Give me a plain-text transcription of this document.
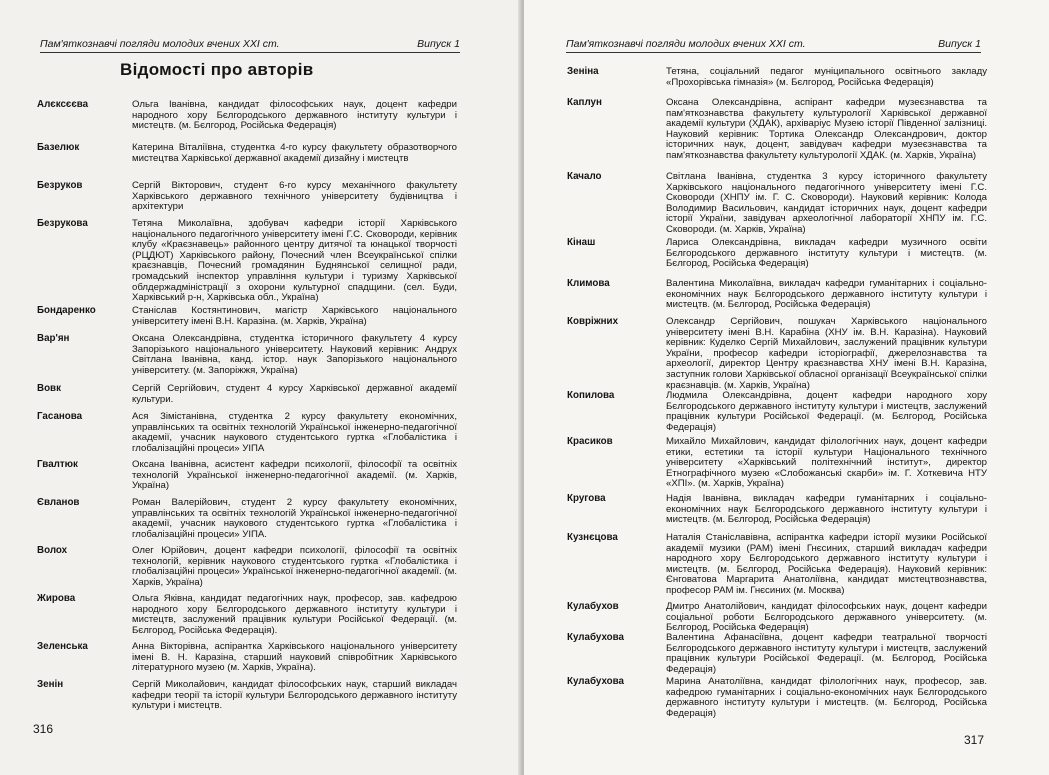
Пам'яткознавчі погляди молодих вчених XXI ст.	Випуск 1
Відомості про авторів
Алєксєєва	Ольга Іванівна, кандидат філософських наук, доцент кафедри народного хору Бєлгородського державного інституту культури і мистецтв. (м. Бєлгород, Російська Федерація)
Базелюк	Катерина Віталіївна, студентка 4-го курсу факультету образотворчого мистецтва Харківської державної академії дизайну і мистецтв
Безруков	Сергій Вікторович, студент 6-го курсу механічного факультету Харківського державного технічного університету будівництва і архітектури
Безрукова	Тетяна Миколаївна, здобувач кафедри історії Харківського національного педагогічного університету імені Г.С. Сковороди, керівник клубу «Краєзнавець» районного центру дитячої та юнацької творчості (РЦДЮТ) Харківського району, Почесний член Всеукраїнської спілки краєзнавців, Почесний громадянин Буднянської селищної ради, громадський інспектор управління культури і туризму Харківської облдержадміністрації з охорони культурної спадщини. (сел. Буди, Харківський р-н, Харківська обл., Україна)
Бондаренко	Станіслав Костянтинович, магістр Харківського національного університету імені В.Н. Каразіна. (м. Харків, Україна)
Вар'ян	Оксана Олександрівна, студентка історичного факультету 4 курсу Запорізького національного університету. Науковий керівник: Андрух Світлана Іванівна, канд. істор. наук Запорізького національного університету. (м. Запоріжжя, Україна)
Вовк	Сергій Сергійович, студент 4 курсу Харківської державної академії культури.
Гасанова	Ася Зімістанівна, студентка 2 курсу факультету економічних, управлінських та освітніх технологій Української інженерно-педагогічної академії, учасник наукового студентського гуртка «Глобалістика і глобалізаційні процеси» УІПА
Гвалтюк	Оксана Іванівна, асистент кафедри психології, філософії та освітніх технологій Української інженерно-педагогічної академії. (м. Харків, Україна)
Євланов	Роман Валерійович, студент 2 курсу факультету економічних, управлінських та освітніх технологій Української інженерно-педагогічної академії, учасник наукового студентського гуртка «Глобалістика і глобалізаційні процеси» УІПА.
Волох	Олег Юрійович, доцент кафедри психології, філософії та освітніх технологій, керівник наукового студентського гуртка «Глобалістика і глобалізаційні процеси» Української інженерно-педагогічної академії. (м. Харків, Україна)
Жирова	Ольга Яківна, кандидат педагогічних наук, професор, зав. кафедрою народного хору Бєлгородського державного інституту культури і мистецтв, заслужений працівник культури Російської Федерації. (м. Бєлгород, Російська Федерація).
Зеленська	Анна Вікторівна, аспірантка Харківського національного університету імені В. Н. Каразіна, старший науковий співробітник Харківського літературного музею (м. Харків, Україна).
Зенін	Сергій Миколайович, кандидат філософських наук, старший викладач кафедри теорії та історії культури Бєлгородського державного інституту культури і мистецтв.
316
Пам'яткознавчі погляди молодих вчених XXI ст.	Випуск 1
Зеніна	Тетяна, соціальний педагог муніципального освітнього закладу «Прохорівська гімназія» (м. Бєлгород, Російська Федерація)
Каплун	Оксана Олександрівна, аспірант кафедри музеєзнавства та пам'яткознавства факультету культурології Харківської державної академії культури (ХДАК), архіваріус Музею історії Південної залізниці. Науковий керівник: Тортика Олександр Олександрович, доктор історичних наук, доцент, завідувач кафедри музеєзнавства та пам'яткознавства факультету культурології ХДАК. (м. Харків, Україна)
Качало	Світлана Іванівна, студентка 3 курсу історичного факультету Харківського національного педагогічного університету імені Г.С. Сковороди (ХНПУ ім. Г. С. Сковороди). Науковий керівник: Колода Володимир Васильович, кандидат історичних наук, доцент кафедри історії України, завідувач археологічної лабораторії ХНПУ ім. Г.С. Сковороди. (м. Харків, Україна)
Кінаш	Лариса Олександрівна, викладач кафедри музичного освіти Бєлгородського державного інституту культури і мистецтв. (м. Бєлгород, Російська Федерація)
Климова	Валентина Миколаївна, викладач кафедри гуманітарних і соціально-економічних наук Бєлгородського державного інституту культури і мистецтв. (м. Бєлгород, Російська Федерація)
Ковріжних	Олександр Сергійович, пошукач Харківського національного університету імені В.Н. Карабіна (ХНУ ім. В.Н. Каразіна). Науковий керівник: Куделко Сергій Михайлович, заслужений працівник культури України, професор кафедри історіографії, джерелознавства та археології, директор Центру краєзнавства ХНУ імені В.Н. Каразіна, заступник голови Харківської обласної організації Всеукраїнської спілки краєзнавців. (м. Харків, Україна)
Копилова	Людмила Олександрівна, доцент кафедри народного хору Бєлгородського державного інституту культури і мистецтв, заслужений працівник культури Російської Федерації. (м. Бєлгород, Російська Федерація)
Красиков	Михайло Михайлович, кандидат філологічних наук, доцент кафедри етики, естетики та історії культури Національного технічного університету «Харківський політехнічний інститут», директор Етнографічного музею «Слобожанські скарби» ім. Г. Хоткевича НТУ «ХПІ». (м. Харків, Україна)
Кругова	Надія Іванівна, викладач кафедри гуманітарних і соціально-економічних наук Бєлгородського державного інституту культури і мистецтв. (м. Бєлгород, Російська Федерація)
Кузнєцова	Наталія Станіславівна, аспірантка кафедри історії музики Російської академії музики (РАМ) імені Гнєсиних, старший викладач кафедри народного хору Бєлгородського державного інституту культури і мистецтв. (м. Бєлгород, Російська Федерація). Науковий керівник: Єнговатова Маргарита Анатоліївна, кандидат мистецтвознавства, професор РАМ ім. Гнєсиних (м. Москва)
Кулабухов	Дмитро Анатолійович, кандидат філософських наук, доцент кафедри соціальної роботи Бєлгородського державного університету. (м. Бєлгород, Російська Федерація)
Кулабухова	Валентина Афанасіївна, доцент кафедри театральної творчості Бєлгородського державного інституту культури і мистецтв, заслужений працівник культури Російської Федерації. (м. Бєлгород, Російська Федерація)
Кулабухова	Марина Анатоліївна, кандидат філологічних наук, професор, зав. кафедрою гуманітарних і соціально-економічних наук Бєлгородського державного інституту культури і мистецтв. (м. Бєлгород, Російська Федерація)
317
